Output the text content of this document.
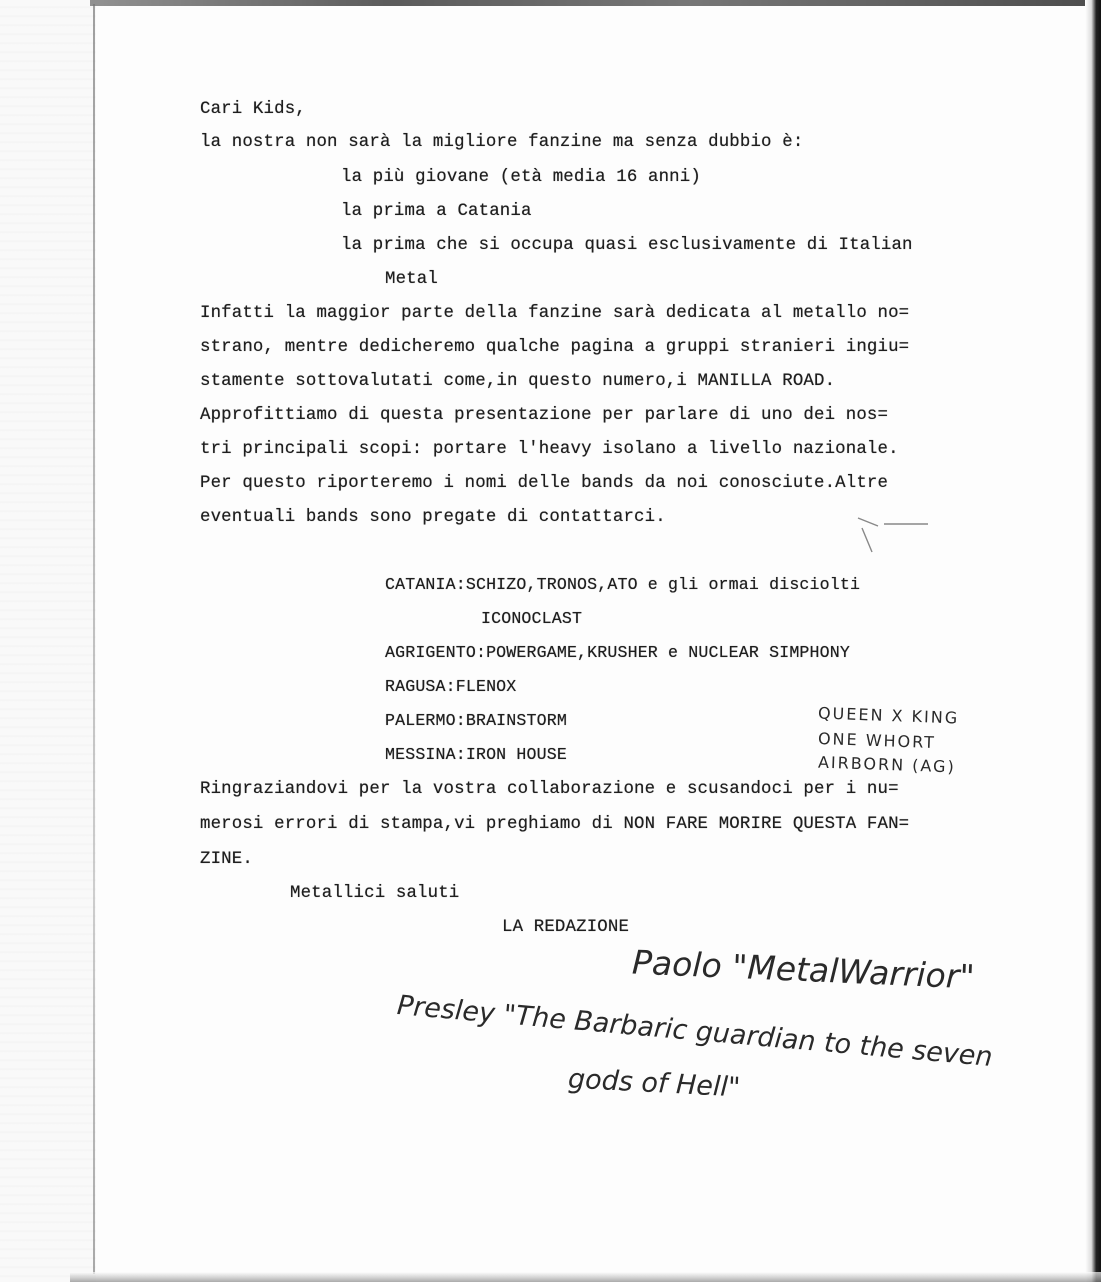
Cari Kids,

la nostra non sarà la migliore fanzine ma senza dubbio è:

la più giovane (età media 16 anni)

la prima a Catania

la prima che si occupa quasi esclusivamente di Italian

Metal

Infatti la maggior parte della fanzine sarà dedicata al metallo no=

strano, mentre dedicheremo qualche pagina a gruppi stranieri ingiu=

stamente sottovalutati come,in questo numero,i MANILLA ROAD.

Approfittiamo di questa presentazione per parlare di uno dei nos=

tri principali scopi: portare l'heavy isolano a livello nazionale.

Per questo riporteremo i nomi delle bands da noi conosciute.Altre

eventuali bands sono pregate di contattarci.

CATANIA:SCHIZO,TRONOS,ATO e gli ormai disciolti

ICONOCLAST

AGRIGENTO:POWERGAME,KRUSHER e NUCLEAR SIMPHONY

RAGUSA:FLENOX

PALERMO:BRAINSTORM

MESSINA:IRON HOUSE

Ringraziandovi per la vostra collaborazione e scusandoci per i nu=

merosi errori di stampa,vi preghiamo di NON FARE MORIRE QUESTA FAN=

ZINE.

Metallici saluti

LA REDAZIONE

QUEEN X KING
ONE WHORT
AIRBORN (AG)
Paolo "MetalWarrior"
Presley "The Barbaric guardian to the seven
gods of Hell"
